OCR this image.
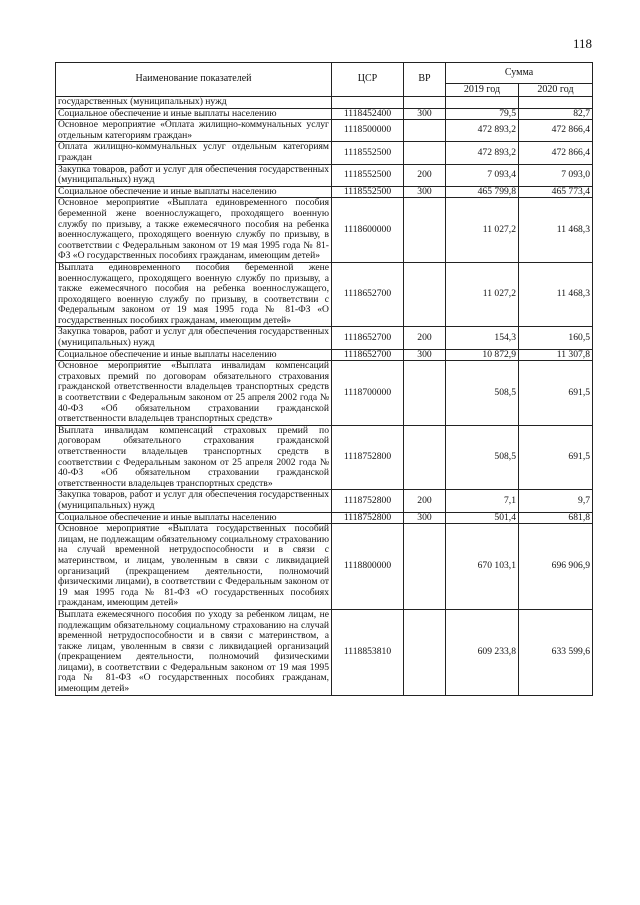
118
Наименование показателей	ЦСР	ВР	Сумма	
			2019 год	2020 год
государственных (муниципальных) нужд				
Социальное обеспечение и иные выплаты населению	1118452400	300	79,5	82,7
Основное мероприятие «Оплата жилищно-коммунальных услуг отдельным категориям граждан»	1118500000		472 893,2	472 866,4
Оплата жилищно-коммунальных услуг отдельным категориям граждан	1118552500		472 893,2	472 866,4
Закупка товаров, работ и услуг для обеспечения государственных (муниципальных) нужд	1118552500	200	7 093,4	7 093,0
Социальное обеспечение и иные выплаты населению	1118552500	300	465 799,8	465 773,4
Основное мероприятие «Выплата единовременного пособия беременной жене военнослужащего, проходящего военную службу по призыву, а также ежемесячного пособия на ребенка военнослужащего, проходящего военную службу по призыву, в соответствии с Федеральным законом от 19 мая 1995 года № 81-ФЗ «О государственных пособиях гражданам, имеющим детей»	1118600000		11 027,2	11 468,3
Выплата единовременного пособия беременной жене военнослужащего, проходящего военную службу по призыву, а также ежемесячного пособия на ребенка военнослужащего, проходящего военную службу по призыву, в соответствии с Федеральным законом от 19 мая 1995 года № 81-ФЗ «О государственных пособиях гражданам, имеющим детей»	1118652700		11 027,2	11 468,3
Закупка товаров, работ и услуг для обеспечения государственных (муниципальных) нужд	1118652700	200	154,3	160,5
Социальное обеспечение и иные выплаты населению	1118652700	300	10 872,9	11 307,8
Основное мероприятие «Выплата инвалидам компенсаций страховых премий по договорам обязательного страхования гражданской ответственности владельцев транспортных средств в соответствии с Федеральным законом от 25 апреля 2002 года № 40-ФЗ «Об обязательном страховании гражданской ответственности владельцев транспортных средств»	1118700000		508,5	691,5
Выплата инвалидам компенсаций страховых премий по договорам обязательного страхования гражданской ответственности владельцев транспортных средств в соответствии с Федеральным законом от 25 апреля 2002 года № 40-ФЗ «Об обязательном страховании гражданской ответственности владельцев транспортных средств»	1118752800		508,5	691,5
Закупка товаров, работ и услуг для обеспечения государственных (муниципальных) нужд	1118752800	200	7,1	9,7
Социальное обеспечение и иные выплаты населению	1118752800	300	501,4	681,8
Основное мероприятие «Выплата государственных пособий лицам, не подлежащим обязательному социальному страхованию на случай временной нетрудоспособности и в связи с материнством, и лицам, уволенным в связи с ликвидацией организаций (прекращением деятельности, полномочий физическими лицами), в соответствии с Федеральным законом от 19 мая 1995 года № 81-ФЗ «О государственных пособиях гражданам, имеющим детей»	1118800000		670 103,1	696 906,9
Выплата ежемесячного пособия по уходу за ребенком лицам, не подлежащим обязательному социальному страхованию на случай временной нетрудоспособности и в связи с материнством, а также лицам, уволенным в связи с ликвидацией организаций (прекращением деятельности, полномочий физическими лицами), в соответствии с Федеральным законом от 19 мая 1995 года № 81-ФЗ «О государственных пособиях гражданам, имеющим детей»	1118853810		609 233,8	633 599,6
